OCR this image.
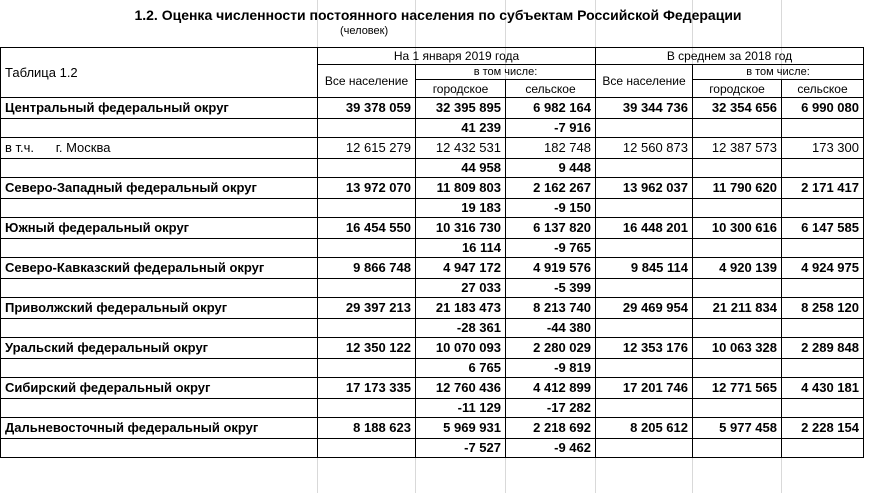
1.2. Оценка численности постоянного населения по субъектам Российской Федерации
(человек)
Таблица 1.2	На 1 января 2019 года			В среднем за 2018 год		
	Все население	в том числе:		Все население	в том числе:	
		городское	сельское		городское	сельское
Центральный федеральный округ	39 378 059	32 395 895	6 982 164	39 344 736	32 354 656	6 990 080
		41 239	-7 916			
в т.ч.      г. Москва	12 615 279	12 432 531	182 748	12 560 873	12 387 573	173 300
		44 958	9 448			
Северо-Западный федеральный округ	13 972 070	11 809 803	2 162 267	13 962 037	11 790 620	2 171 417
		19 183	-9 150			
Южный федеральный округ	16 454 550	10 316 730	6 137 820	16 448 201	10 300 616	6 147 585
		16 114	-9 765			
Северо-Кавказский федеральный округ	9 866 748	4 947 172	4 919 576	9 845 114	4 920 139	4 924 975
		27 033	-5 399			
Приволжский федеральный округ	29 397 213	21 183 473	8 213 740	29 469 954	21 211 834	8 258 120
		-28 361	-44 380			
Уральский федеральный округ	12 350 122	10 070 093	2 280 029	12 353 176	10 063 328	2 289 848
		6 765	-9 819			
Сибирский федеральный округ	17 173 335	12 760 436	4 412 899	17 201 746	12 771 565	4 430 181
		-11 129	-17 282			
Дальневосточный федеральный округ	8 188 623	5 969 931	2 218 692	8 205 612	5 977 458	2 228 154
		-7 527	-9 462			
